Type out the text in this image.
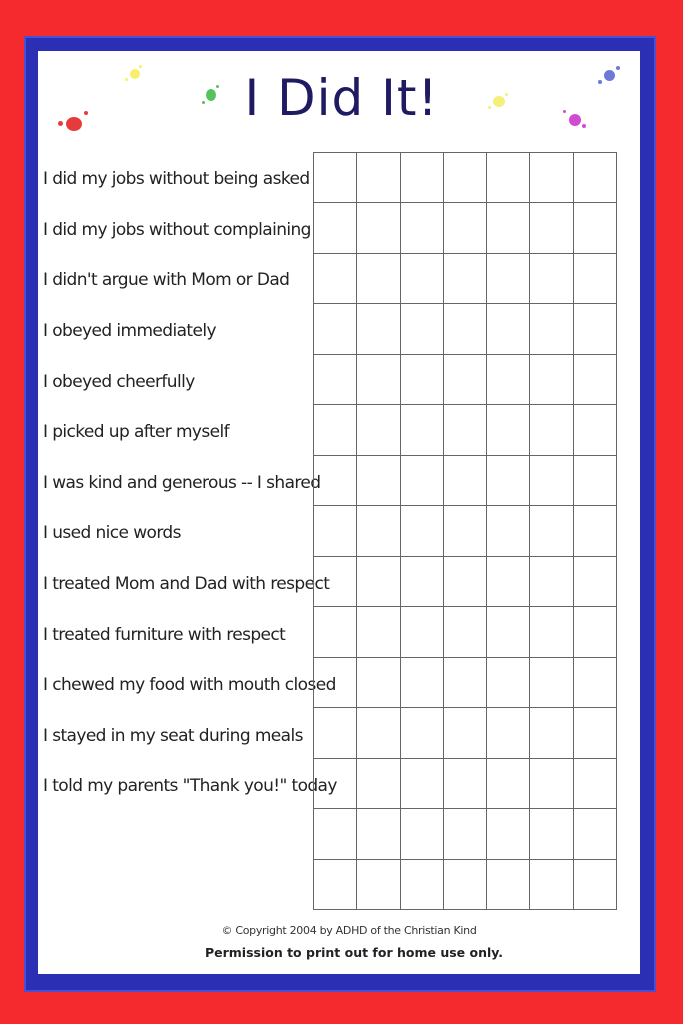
I Did It!
I did my jobs without being asked
I did my jobs without complaining
I didn't argue with Mom or Dad
I obeyed immediately
I obeyed cheerfully
I picked up after myself
I was kind and generous -- I shared
I used nice words
I treated Mom and Dad with respect
I treated furniture with respect
I chewed my food with mouth closed
I stayed in my seat during meals
I told my parents "Thank you!" today
© Copyright 2004 by ADHD of the Christian Kind
Permission to print out for home use only.
